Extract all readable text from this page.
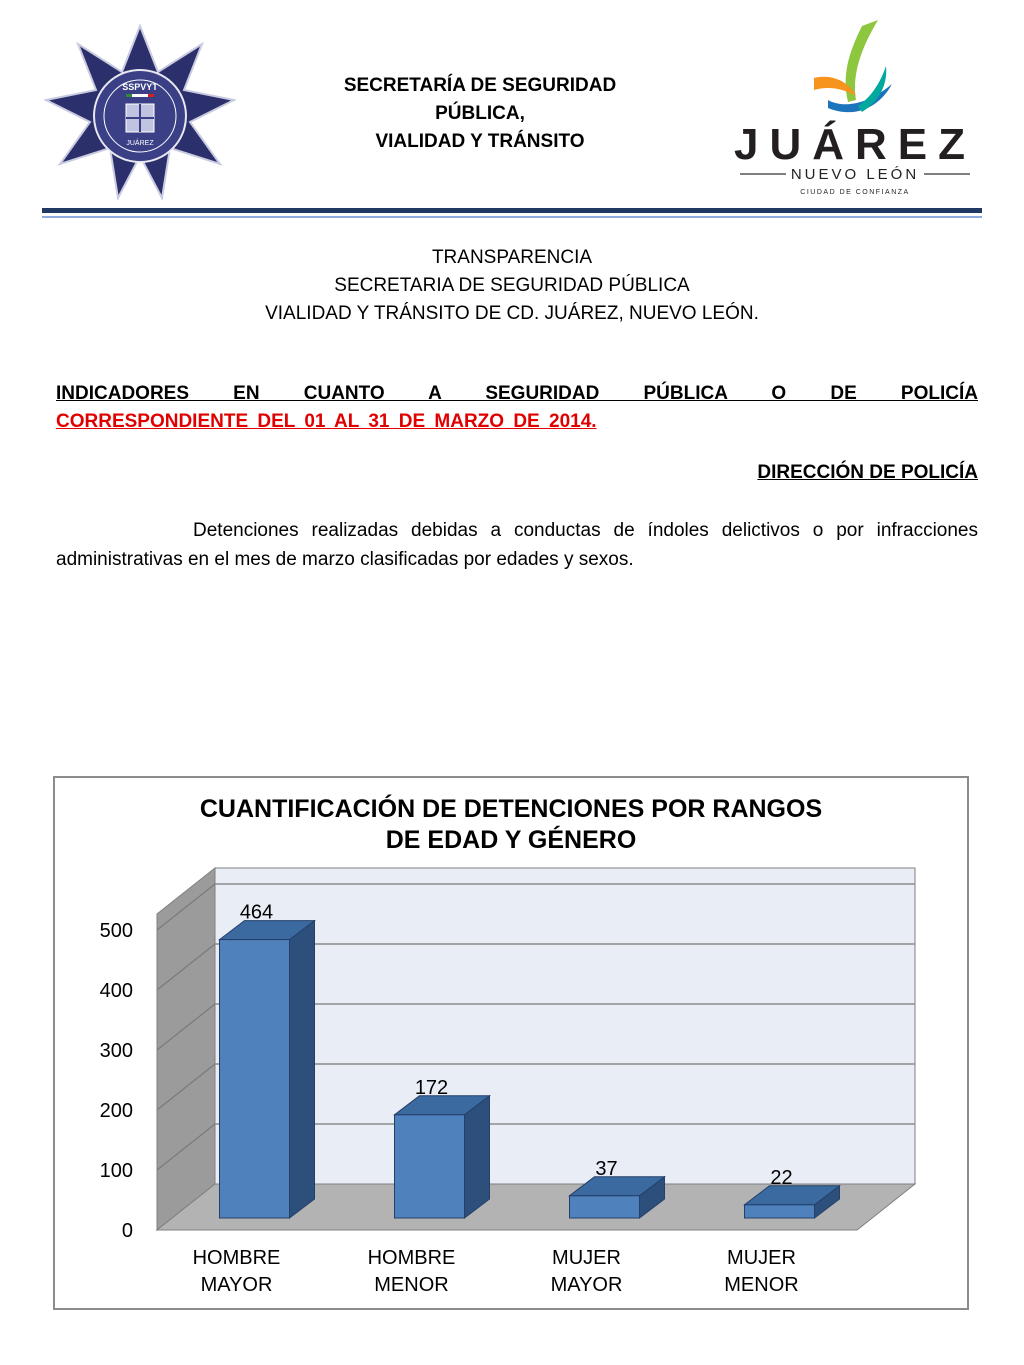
SSPVYT
JUÁREZ
SECRETARÍA DE SEGURIDAD
PÚBLICA,
VIALIDAD Y TRÁNSITO	JUÁREZ
NUEVO LEÓN
CIUDAD DE CONFIANZA
TRANSPARENCIA
SECRETARIA DE SEGURIDAD PÚBLICA
VIALIDAD Y TRÁNSITO DE CD. JUÁREZ, NUEVO LEÓN.
INDICADORES EN CUANTO A SEGURIDAD PÚBLICA O DE POLICÍA
CORRESPONDIENTE DEL 01 AL 31 DE MARZO DE 2014.
DIRECCIÓN DE POLICÍA
Detenciones realizadas debidas a conductas de índoles delictivos o por infracciones administrativas en el mes de marzo clasificadas por edades y sexos.
CUANTIFICACIÓN DE DETENCIONES POR RANGOS
DE EDAD Y GÉNERO
0
100
200
300
400
500
464
HOMBRE
MAYOR
172
HOMBRE
MENOR
37
MUJER
MAYOR
22
MUJER
MENOR
